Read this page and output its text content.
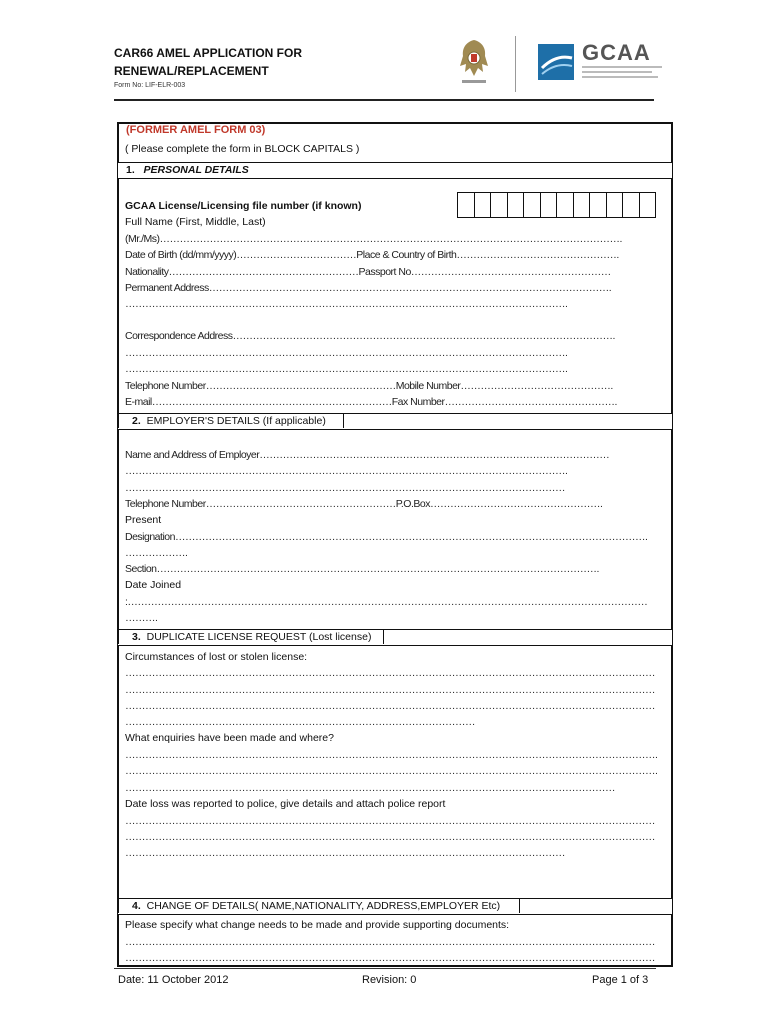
CAR66 AMEL APPLICATION FOR
RENEWAL/REPLACEMENT
Form No: LIF-ELR-003
GCAA
(FORMER AMEL FORM 03)
( Please complete the form in BLOCK CAPITALS )
1. PERSONAL DETAILS
GCAA License/Licensing file number (if known)
Full Name (First, Middle, Last)
(Mr./Ms)………………………………………………………………………………………………………………………….
Date of Birth (dd/mm/yyyy)………………………………Place & Country of Birth………………………………………….
Nationality…………………………………………………Passport No……………………………………………………
Permanent Address………………………………………………………………………………………………………….
…………………………………………………………………………………………………………………….
Correspondence Address…………………………………………………………………………………………………….
…………………………………………………………………………………………………………………….
…………………………………………………………………………………………………………………….
Telephone Number…………………………………………………Mobile Number……………………………………….
E-mail………………………………………………………………Fax Number…………………………………………….
2. EMPLOYER'S DETAILS (If applicable)
Name and Address of Employer……………………………………………………………………………………………
…………………………………………………………………………………………………………………….
……………………………………………………………………………………………………………………
Telephone Number…………………………………………………P.O.Box…………………………………………….
Present
Designation…………………………………………………………………………………………………………………………….
……………….
Section…………………………………………………………………………………………………………………….
Date Joined
:…………………………………………………………………………………………………………………………………………
……….
3. DUPLICATE LICENSE REQUEST (Lost license)
Circumstances of lost or stolen license:
……………………………………………………………………………………………………………………………………………
……………………………………………………………………………………………………………………………………………
……………………………………………………………………………………………………………………………………………
……………………………………………………………………………………………
What enquiries have been made and where?
…………………………………………………………………………………………………………………………………………….
…………………………………………………………………………………………………………………………………………….
…………………………………………………………………………………………………………………………………
Date loss was reported to police, give details and attach police report
……………………………………………………………………………………………………………………………………………
……………………………………………………………………………………………………………………………………………
……………………………………………………………………………………………………………………
4. CHANGE OF DETAILS( NAME,NATIONALITY, ADDRESS,EMPLOYER Etc)
Please specify what change needs to be made and provide supporting documents:
……………………………………………………………………………………………………………………………………………
……………………………………………………………………………………………………………………………………………
Date: 11 October 2012	Revision: 0	Page 1 of 3
